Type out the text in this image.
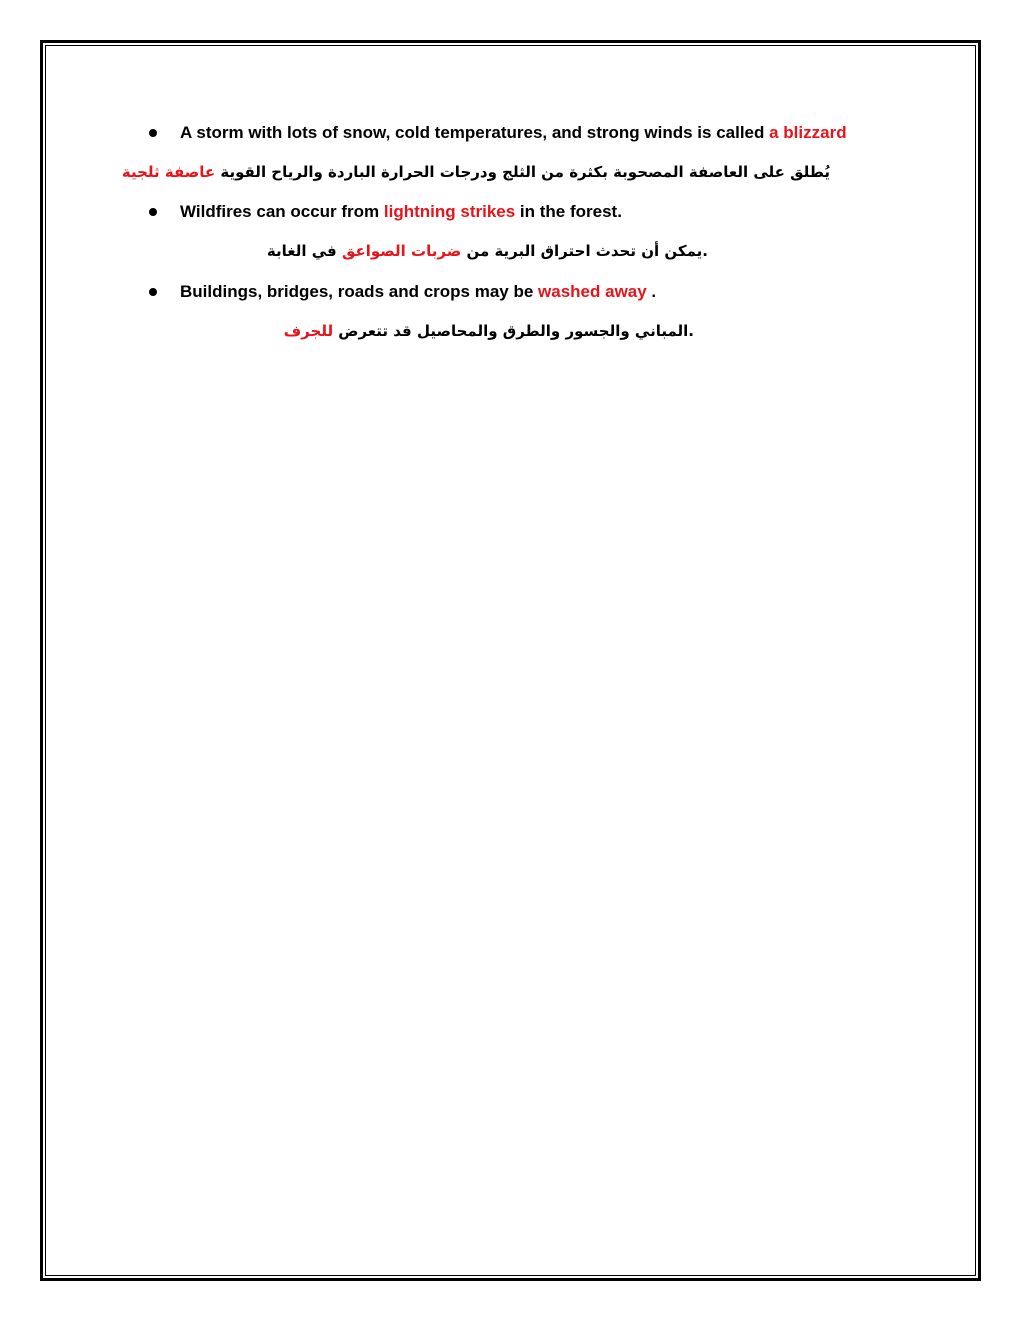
A storm with lots of snow, cold temperatures, and strong winds is called a blizzard
يُطلق على العاصفة المصحوبة بكثرة من الثلج ودرجات الحرارة الباردة والرياح القوية عاصفة ثلجية
Wildfires can occur from lightning strikes in the forest.
.يمكن أن تحدث احتراق البرية من ضربات الصواعق في الغابة
Buildings, bridges, roads and crops may be washed away .
.المباني والجسور والطرق والمحاصيل قد تتعرض للجرف
